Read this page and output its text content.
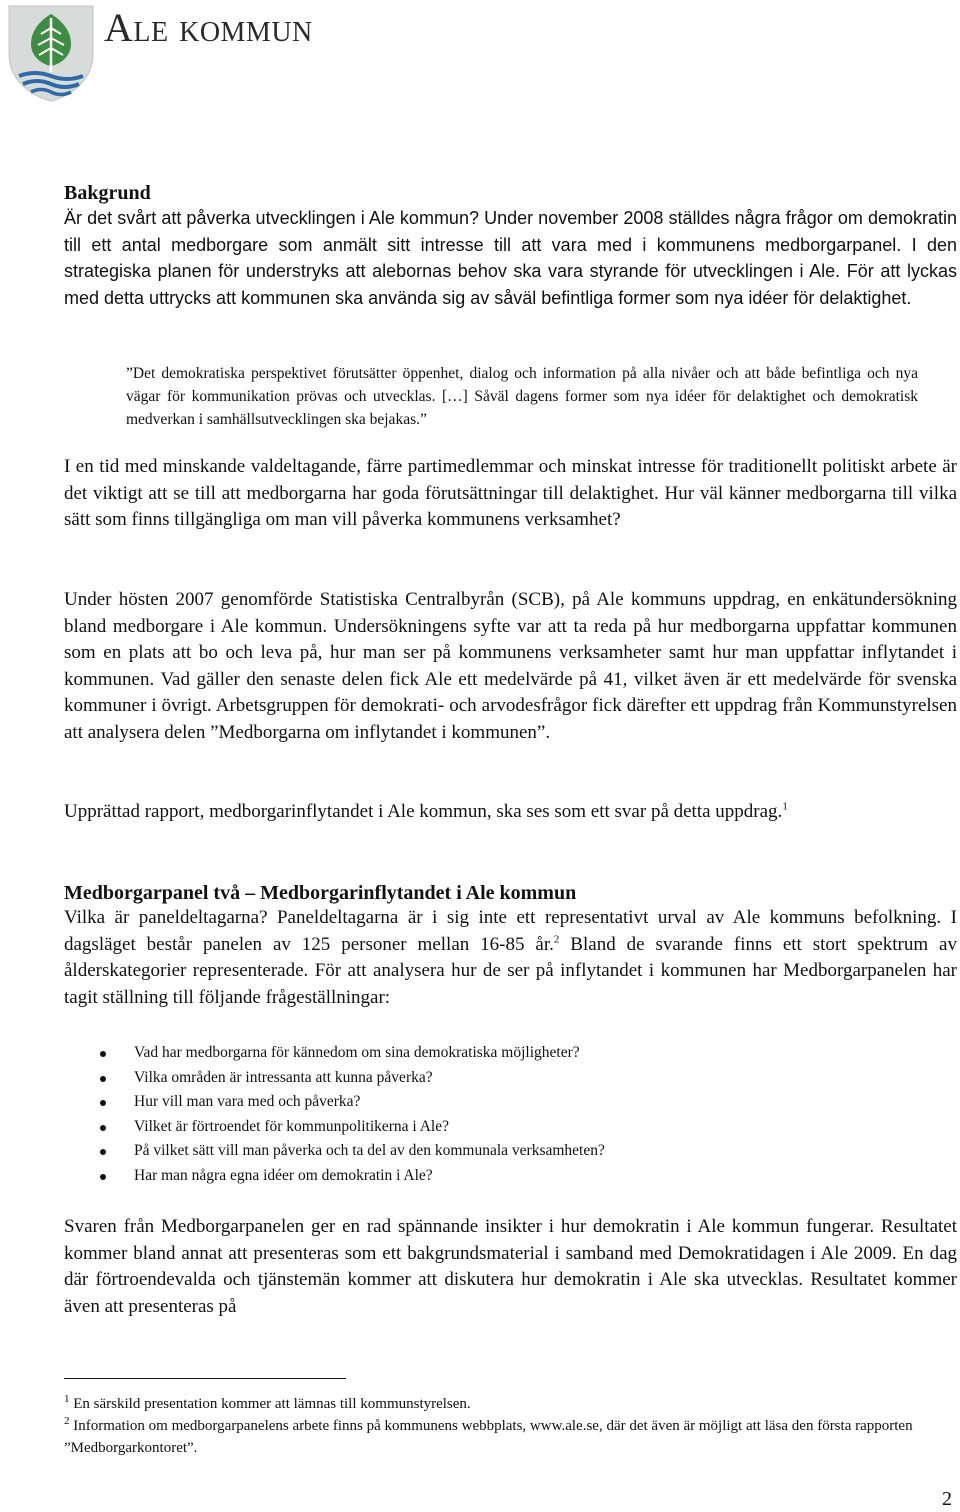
Ale kommun
Bakgrund

Är det svårt att påverka utvecklingen i Ale kommun? Under november 2008 ställdes några frågor om demokratin till ett antal medborgare som anmält sitt intresse till att vara med i kommunens medborgarpanel. I den strategiska planen för understryks att alebornas behov ska vara styrande för utvecklingen i Ale. För att lyckas med detta uttrycks att kommunen ska använda sig av såväl befintliga former som nya idéer för delaktighet.

”Det demokratiska perspektivet förutsätter öppenhet, dialog och information på alla nivåer och att både befintliga och nya vägar för kommunikation prövas och utvecklas. […] Såväl dagens former som nya idéer för delaktighet och demokratisk medverkan i samhällsutvecklingen ska bejakas.”

I en tid med minskande valdeltagande, färre partimedlemmar och minskat intresse för traditionellt politiskt arbete är det viktigt att se till att medborgarna har goda förutsättningar till delaktighet. Hur väl känner medborgarna till vilka sätt som finns tillgängliga om man vill påverka kommunens verksamhet?

Under hösten 2007 genomförde Statistiska Centralbyrån (SCB), på Ale kommuns uppdrag, en enkätundersökning bland medborgare i Ale kommun. Undersökningens syfte var att ta reda på hur medborgarna uppfattar kommunen som en plats att bo och leva på, hur man ser på kommunens verksamheter samt hur man uppfattar inflytandet i kommunen. Vad gäller den senaste delen fick Ale ett medelvärde på 41, vilket även är ett medelvärde för svenska kommuner i övrigt. Arbetsgruppen för demokrati- och arvodesfrågor fick därefter ett uppdrag från Kommunstyrelsen att analysera delen ”Medborgarna om inflytandet i kommunen”.

Upprättad rapport, medborgarinflytandet i Ale kommun, ska ses som ett svar på detta uppdrag.$^1$

Medborgarpanel två – Medborgarinflytandet i Ale kommun

Vilka är paneldeltagarna? Paneldeltagarna är i sig inte ett representativt urval av Ale kommuns befolkning. I dagsläget består panelen av 125 personer mellan 16-85 år.$^2$ Bland de svarande finns ett stort spektrum av ålderskategorier representerade. För att analysera hur de ser på inflytandet i kommunen har Medborgarpanelen har tagit ställning till följande frågeställningar:

Vad har medborgarna för kännedom om sina demokratiska möjligheter?
Vilka områden är intressanta att kunna påverka?
Hur vill man vara med och påverka?
Vilket är förtroendet för kommunpolitikerna i Ale?
På vilket sätt vill man påverka och ta del av den kommunala verksamheten?
Har man några egna idéer om demokratin i Ale?

Svaren från Medborgarpanelen ger en rad spännande insikter i hur demokratin i Ale kommun fungerar. Resultatet kommer bland annat att presenteras som ett bakgrundsmaterial i samband med Demokratidagen i Ale 2009. En dag där förtroendevalda och tjänstemän kommer att diskutera hur demokratin i Ale ska utvecklas. Resultatet kommer även att presenteras på

$^1$ En särskild presentation kommer att lämnas till kommunstyrelsen.
$^2$ Information om medborgarpanelens arbete finns på kommunens webbplats, www.ale.se, där det även är möjligt att läsa den första rapporten ”Medborgarkontoret”.
2
